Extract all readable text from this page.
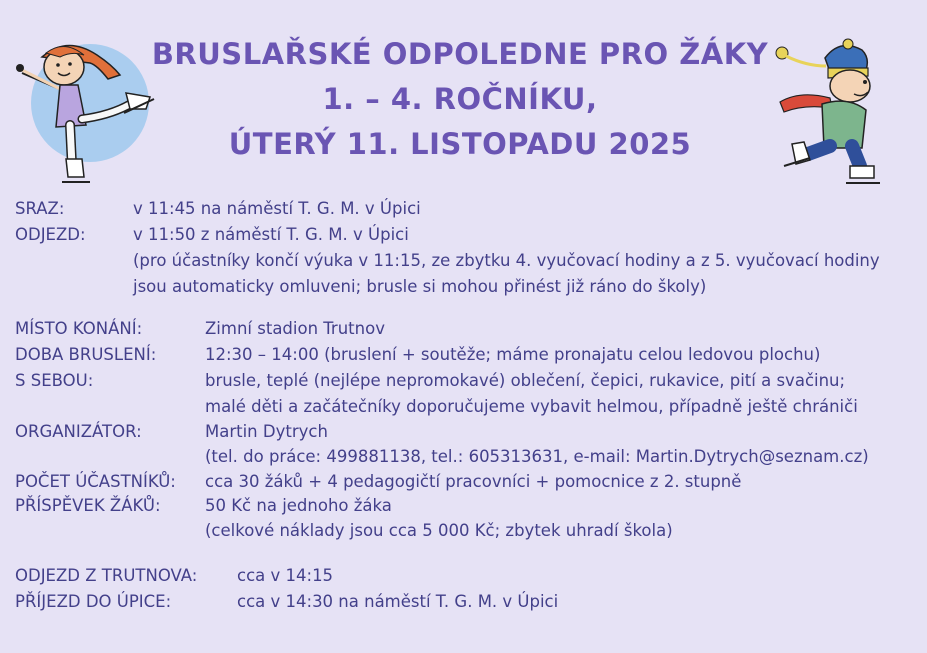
BRUSLAŘSKÉ ODPOLEDNE PRO ŽÁKY
1. – 4. ROČNÍKU,
ÚTERÝ 11. LISTOPADU 2025
SRAZ:	v 11:45 na náměstí T. G. M. v Úpici
ODJEZD:	v 11:50 z náměstí T. G. M. v Úpici
(pro účastníky končí výuka v 11:15, ze zbytku 4. vyučovací hodiny a z 5. vyučovací hodiny
jsou automaticky omluveni; brusle si mohou přinést již ráno do školy)
MÍSTO KONÁNÍ:	Zimní stadion Trutnov
DOBA BRUSLENÍ:	12:30 – 14:00 (bruslení + soutěže; máme pronajatu celou ledovou plochu)
S SEBOU:	brusle, teplé (nejlépe nepromokavé) oblečení, čepici, rukavice, pití a svačinu;
malé děti a začátečníky doporučujeme vybavit helmou, případně ještě chrániči
ORGANIZÁTOR:	Martin Dytrych
(tel. do práce: 499881138, tel.: 605313631, e-mail: Martin.Dytrych@seznam.cz)
POČET ÚČASTNÍKŮ: cca 30 žáků + 4 pedagogičtí pracovníci + pomocnice z 2. stupně
PŘÍSPĚVEK ŽÁKŮ:	50 Kč na jednoho žáka
(celkové náklady jsou cca 5 000 Kč; zbytek uhradí škola)
ODJEZD Z TRUTNOVA: cca v 14:15
PŘÍJEZD DO ÚPICE:	cca v 14:30 na náměstí T. G. M. v Úpici
